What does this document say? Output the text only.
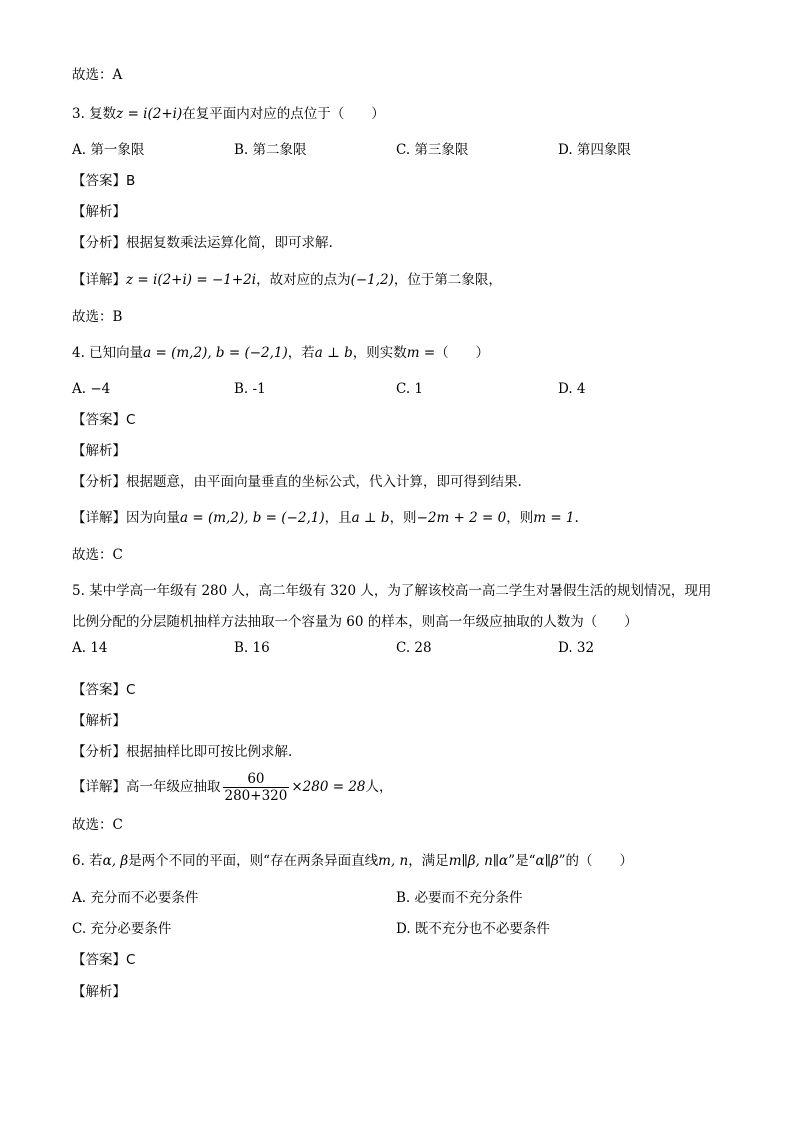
故选：A
3. 复数z = i(2+i)在复平面内对应的点位于（　　）
A. 第一象限	B. 第二象限	C. 第三象限	D. 第四象限
【答案】B
【解析】
【分析】根据复数乘法运算化简，即可求解.
【详解】z = i(2+i) = −1+2i，故对应的点为(−1,2)，位于第二象限，
故选：B
4. 已知向量a = (m,2), b = (−2,1)，若a ⊥ b，则实数m =（　　）
A. −4	B. -1	C. 1	D. 4
【答案】C
【解析】
【分析】根据题意，由平面向量垂直的坐标公式，代入计算，即可得到结果.
【详解】因为向量a = (m,2), b = (−2,1)，且a ⊥ b，则−2m + 2 = 0，则m = 1.
故选：C
5. 某中学高一年级有 280 人，高二年级有 320 人，为了解该校高一高二学生对暑假生活的规划情况，现用比例分配的分层随机抽样方法抽取一个容量为 60 的样本，则高一年级应抽取的人数为（　　）
A. 14	B. 16	C. 28	D. 32
【答案】C
【解析】
【分析】根据抽样比即可按比例求解.
【详解】高一年级应抽取 $\frac{60}{280+320} \times 280 = 28$人，
故选：C
6. 若α, β是两个不同的平面，则“存在两条异面直线m, n，满足m∥β, n∥α”是“α∥β”的（　　）
A. 充分而不必要条件	B. 必要而不充分条件
C. 充分必要条件	D. 既不充分也不必要条件
【答案】C
【解析】
